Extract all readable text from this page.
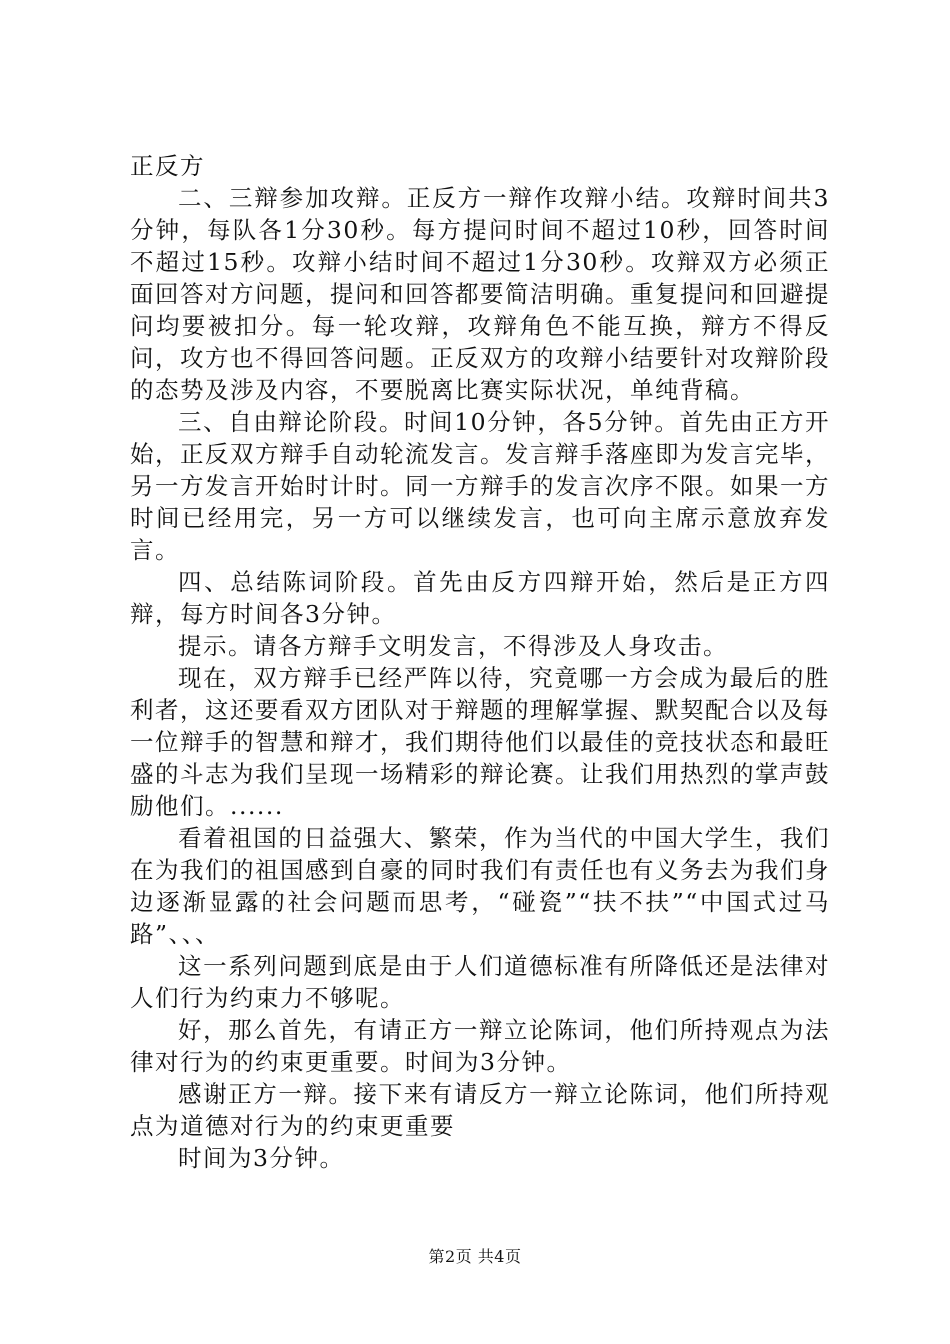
正反方

二、三辩参加攻辩。正反方一辩作攻辩小结。攻辩时间共3分钟，每队各1分30秒。每方提问时间不超过10秒，回答时间不超过15秒。攻辩小结时间不超过1分30秒。攻辩双方必须正面回答对方问题，提问和回答都要简洁明确。重复提问和回避提问均要被扣分。每一轮攻辩，攻辩角色不能互换，辩方不得反问，攻方也不得回答问题。正反双方的攻辩小结要针对攻辩阶段的态势及涉及内容，不要脱离比赛实际状况，单纯背稿。

三、自由辩论阶段。时间10分钟，各5分钟。首先由正方开始，正反双方辩手自动轮流发言。发言辩手落座即为发言完毕，另一方发言开始时计时。同一方辩手的发言次序不限。如果一方时间已经用完，另一方可以继续发言，也可向主席示意放弃发言。

四、总结陈词阶段。首先由反方四辩开始，然后是正方四辩，每方时间各3分钟。

提示。请各方辩手文明发言，不得涉及人身攻击。

现在，双方辩手已经严阵以待，究竟哪一方会成为最后的胜利者，这还要看双方团队对于辩题的理解掌握、默契配合以及每一位辩手的智慧和辩才，我们期待他们以最佳的竞技状态和最旺盛的斗志为我们呈现一场精彩的辩论赛。让我们用热烈的掌声鼓励他们。......

看着祖国的日益强大、繁荣，作为当代的中国大学生，我们在为我们的祖国感到自豪的同时我们有责任也有义务去为我们身边逐渐显露的社会问题而思考，“碰瓷”“扶不扶”“中国式过马路”、、、

这一系列问题到底是由于人们道德标准有所降低还是法律对人们行为约束力不够呢。

好，那么首先，有请正方一辩立论陈词，他们所持观点为法律对行为的约束更重要。时间为3分钟。

感谢正方一辩。接下来有请反方一辩立论陈词，他们所持观点为道德对行为的约束更重要

时间为3分钟。

第2页 共4页
